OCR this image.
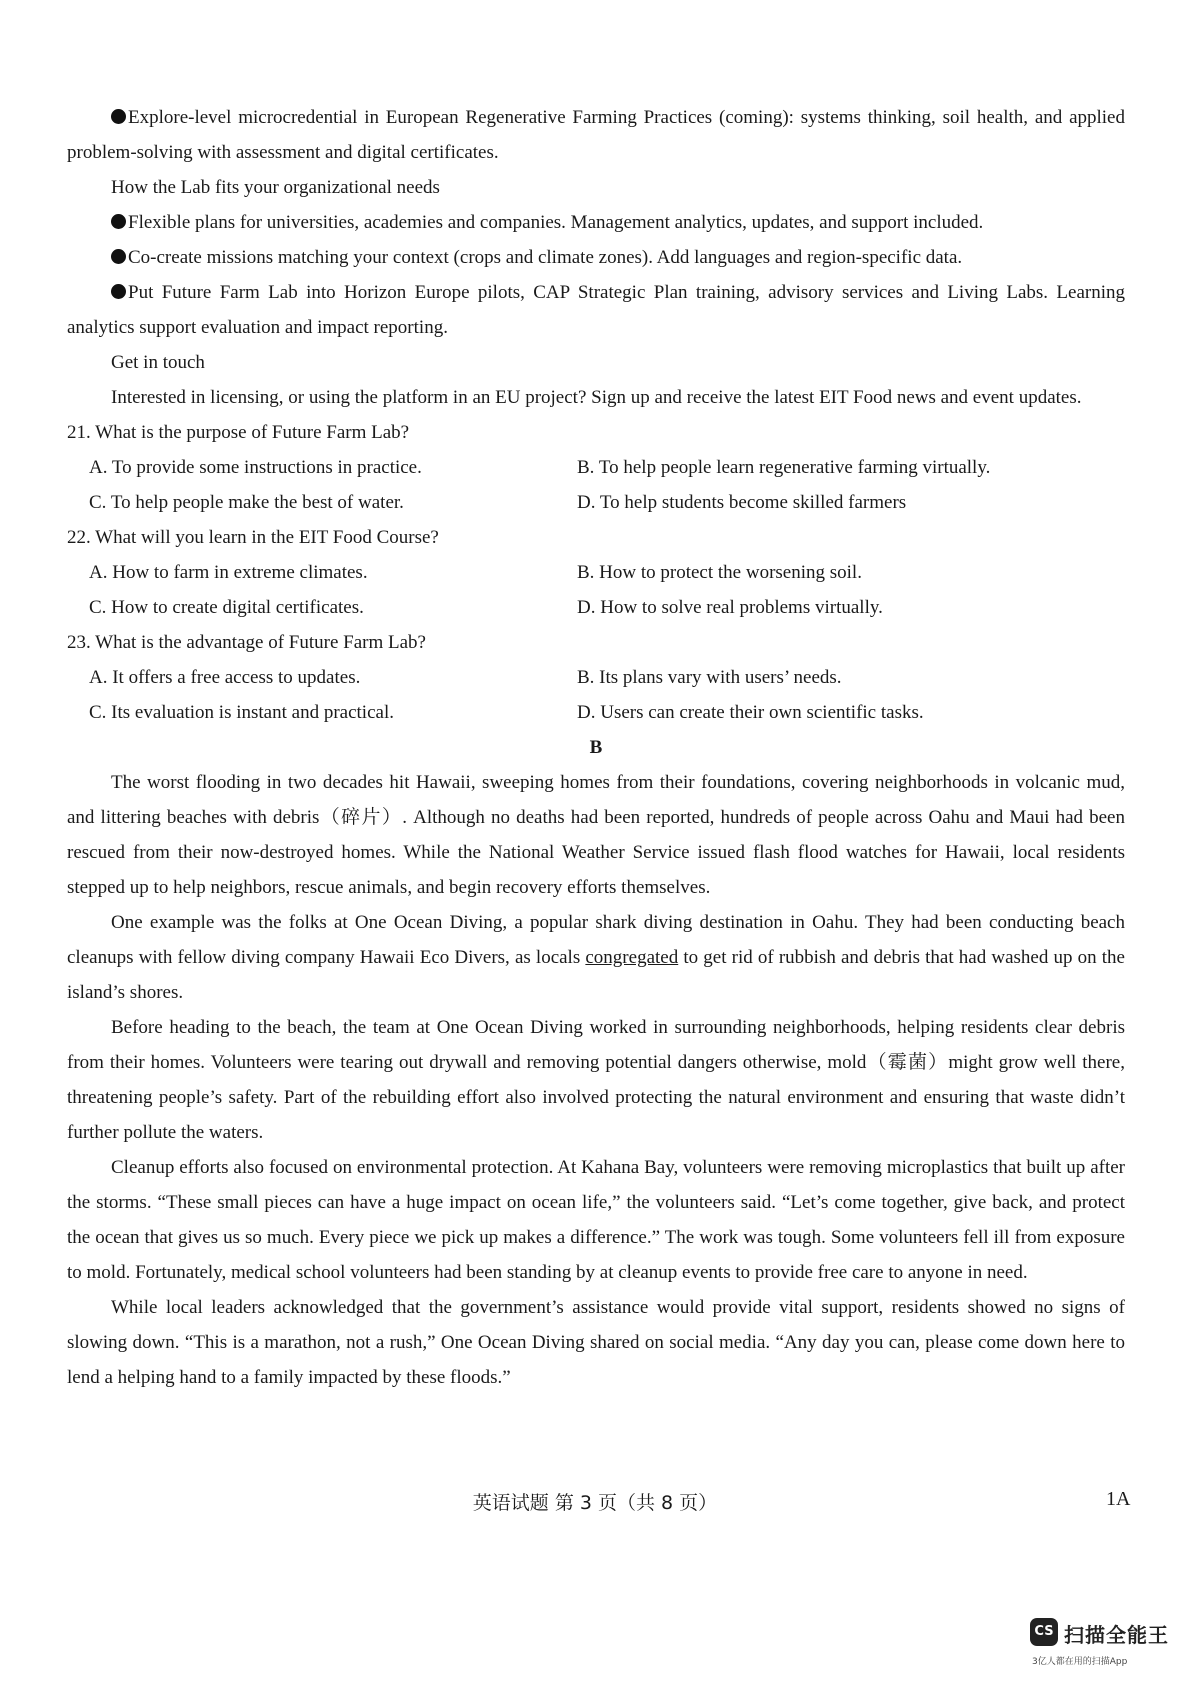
Explore-level microcredential in European Regenerative Farming Practices (coming): systems thinking, soil health, and applied problem-solving with assessment and digital certificates.

How the Lab fits your organizational needs

Flexible plans for universities, academies and companies. Management analytics, updates, and support included.

Co-create missions matching your context (crops and climate zones). Add languages and region-specific data.

Put Future Farm Lab into Horizon Europe pilots, CAP Strategic Plan training, advisory services and Living Labs. Learning analytics support evaluation and impact reporting.

Get in touch

Interested in licensing, or using the platform in an EU project? Sign up and receive the latest EIT Food news and event updates.

21. What is the purpose of Future Farm Lab?

A. To provide some instructions in practice.	B. To help people learn regenerative farming virtually.
C. To help people make the best of water.	D. To help students become skilled farmers

22. What will you learn in the EIT Food Course?

A. How to farm in extreme climates.	B. How to protect the worsening soil.
C. How to create digital certificates.	D. How to solve real problems virtually.

23. What is the advantage of Future Farm Lab?

A. It offers a free access to updates.	B. Its plans vary with users’ needs.
C. Its evaluation is instant and practical.	D. Users can create their own scientific tasks.

B

The worst flooding in two decades hit Hawaii, sweeping homes from their foundations, covering neighborhoods in volcanic mud, and littering beaches with debris（碎片）. Although no deaths had been reported, hundreds of people across Oahu and Maui had been rescued from their now-destroyed homes. While the National Weather Service issued flash flood watches for Hawaii, local residents stepped up to help neighbors, rescue animals, and begin recovery efforts themselves.

One example was the folks at One Ocean Diving, a popular shark diving destination in Oahu. They had been conducting beach cleanups with fellow diving company Hawaii Eco Divers, as locals congregated to get rid of rubbish and debris that had washed up on the island’s shores.

Before heading to the beach, the team at One Ocean Diving worked in surrounding neighborhoods, helping residents clear debris from their homes. Volunteers were tearing out drywall and removing potential dangers otherwise, mold（霉菌）might grow well there, threatening people’s safety. Part of the rebuilding effort also involved protecting the natural environment and ensuring that waste didn’t further pollute the waters.

Cleanup efforts also focused on environmental protection. At Kahana Bay, volunteers were removing microplastics that built up after the storms. “These small pieces can have a huge impact on ocean life,” the volunteers said. “Let’s come together, give back, and protect the ocean that gives us so much. Every piece we pick up makes a difference.” The work was tough. Some volunteers fell ill from exposure to mold. Fortunately, medical school volunteers had been standing by at cleanup events to provide free care to anyone in need.

While local leaders acknowledged that the government’s assistance would provide vital support, residents showed no signs of slowing down. “This is a marathon, not a rush,” One Ocean Diving shared on social media. “Any day you can, please come down here to lend a helping hand to a family impacted by these floods.”

英语试题 第 3 页（共 8 页）	1A
CS 扫描全能王
3亿人都在用的扫描App
